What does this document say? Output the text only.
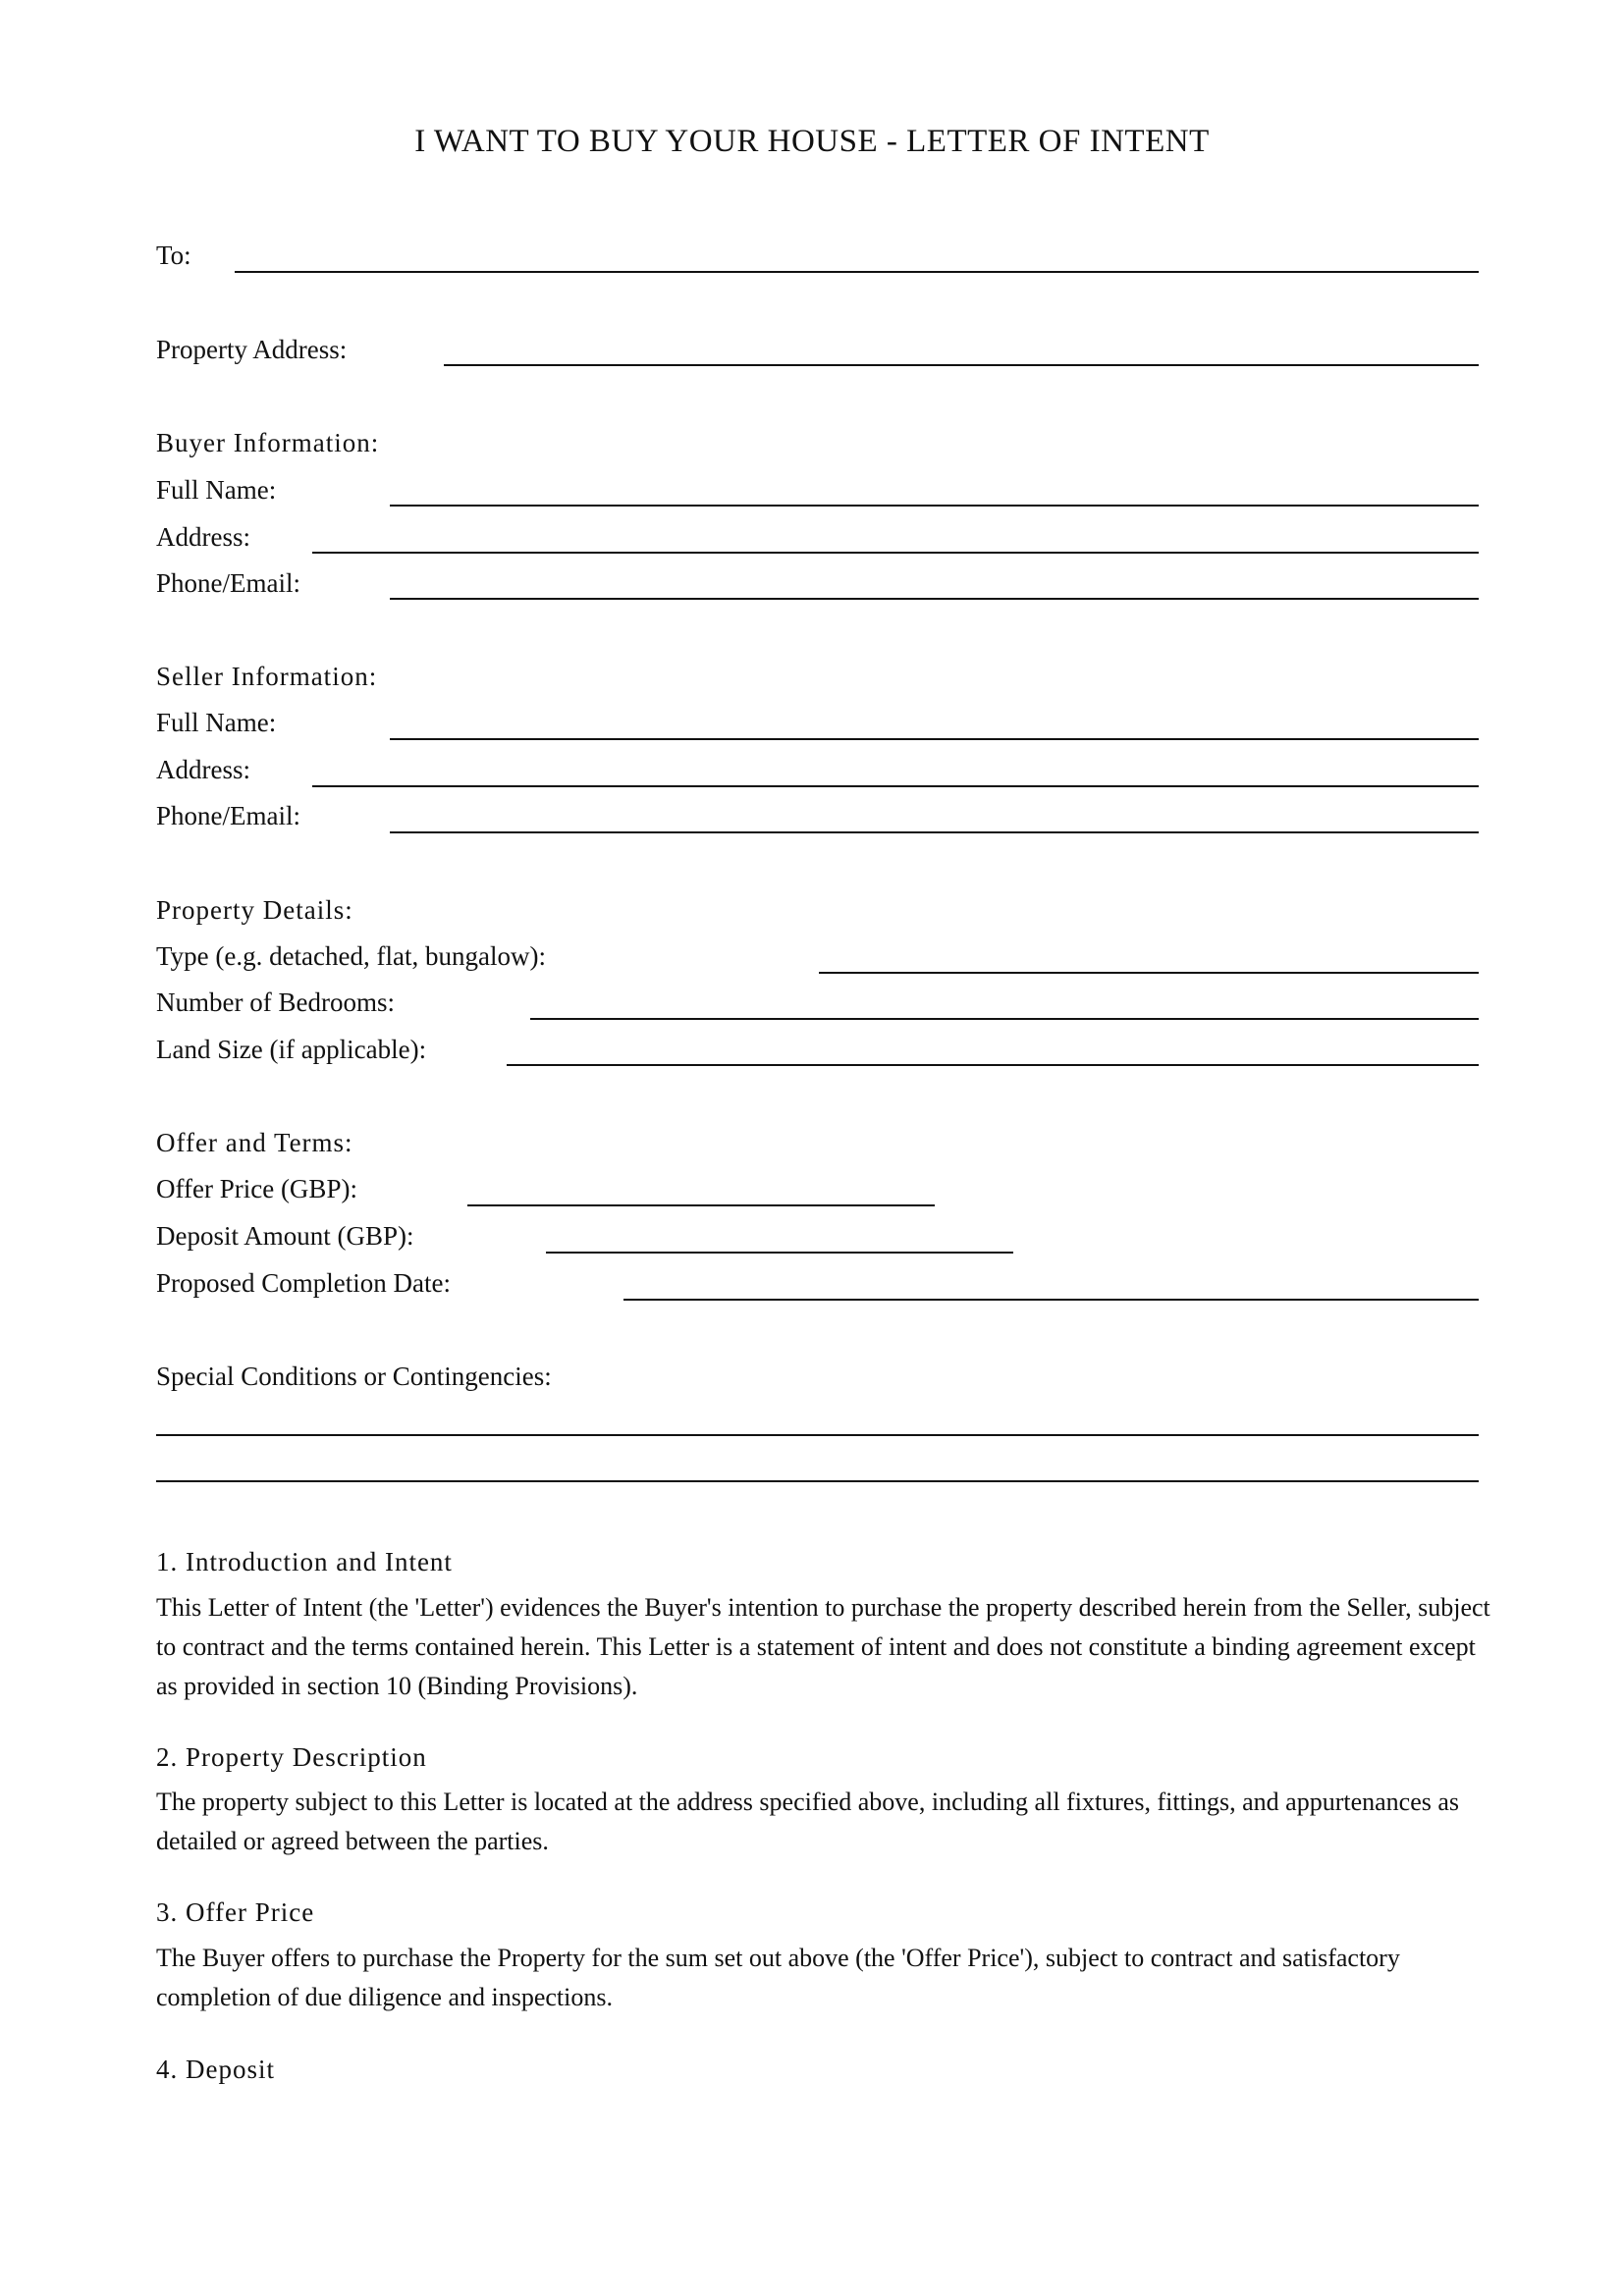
I WANT TO BUY YOUR HOUSE - LETTER OF INTENT
To:
Property Address:
Buyer Information:
Full Name:
Address:
Phone/Email:
Seller Information:
Full Name:
Address:
Phone/Email:
Property Details:
Type (e.g. detached, flat, bungalow):
Number of Bedrooms:
Land Size (if applicable):
Offer and Terms:
Offer Price (GBP):
Deposit Amount (GBP):
Proposed Completion Date:
Special Conditions or Contingencies:
1. Introduction and Intent
This Letter of Intent (the 'Letter') evidences the Buyer's intention to purchase the property described herein from the Seller, subject to contract and the terms contained herein. This Letter is a statement of intent and does not constitute a binding agreement except as provided in section 10 (Binding Provisions).
2. Property Description
The property subject to this Letter is located at the address specified above, including all fixtures, fittings, and appurtenances as detailed or agreed between the parties.
3. Offer Price
The Buyer offers to purchase the Property for the sum set out above (the 'Offer Price'), subject to contract and satisfactory completion of due diligence and inspections.
4. Deposit
